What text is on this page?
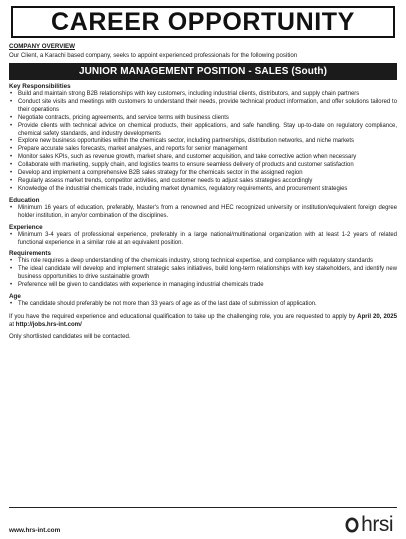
CAREER OPPORTUNITY
COMPANY OVERVIEW
Our Client, a Karachi based company, seeks to appoint experienced professionals for the following position
JUNIOR MANAGEMENT POSITION - SALES (South)
Key Responsibilities
• Build and maintain strong B2B relationships with key customers, including industrial clients, distributors, and supply chain partners
• Conduct site visits and meetings with customers to understand their needs, provide technical product information, and offer solutions tailored to their operations
• Negotiate contracts, pricing agreements, and service terms with business clients
• Provide clients with technical advice on chemical products, their applications, and safe handling. Stay up-to-date on regulatory compliance, chemical safety standards, and industry developments
• Explore new business opportunities within the chemicals sector, including partnerships, distribution networks, and niche markets
• Prepare accurate sales forecasts, market analyses, and reports for senior management
• Monitor sales KPIs, such as revenue growth, market share, and customer acquisition, and take corrective action when necessary
• Collaborate with marketing, supply chain, and logistics teams to ensure seamless delivery of products and customer satisfaction
• Develop and implement a comprehensive B2B sales strategy for the chemicals sector in the assigned region
• Regularly assess market trends, competitor activities, and customer needs to adjust sales strategies accordingly
• Knowledge of the industrial chemicals trade, including market dynamics, regulatory requirements, and procurement strategies
Education
• Minimum 16 years of education, preferably, Master's from a renowned and HEC recognized university or institution/equivalent foreign degree holder institution, in any/or combination of the disciplines.
Experience
• Minimum 3-4 years of professional experience, preferably in a large national/multinational organization with at least 1-2 years of related functional experience in a similar role at an equivalent position.
Requirements
• This role requires a deep understanding of the chemicals industry, strong technical expertise, and compliance with regulatory standards
• The ideal candidate will develop and implement strategic sales initiatives, build long-term relationships with key stakeholders, and identify new business opportunities to drive sustainable growth
• Preference will be given to candidates with experience in managing industrial chemicals trade
Age
• The candidate should preferably be not more than 33 years of age as of the last date of submission of application.

If you have the required experience and educational qualification to take up the challenging role, you are requested to apply by April 20, 2025 at http://jobs.hrs-int.com/

Only shortlisted candidates will be contacted.

www.hrs-int.com	hrsi
